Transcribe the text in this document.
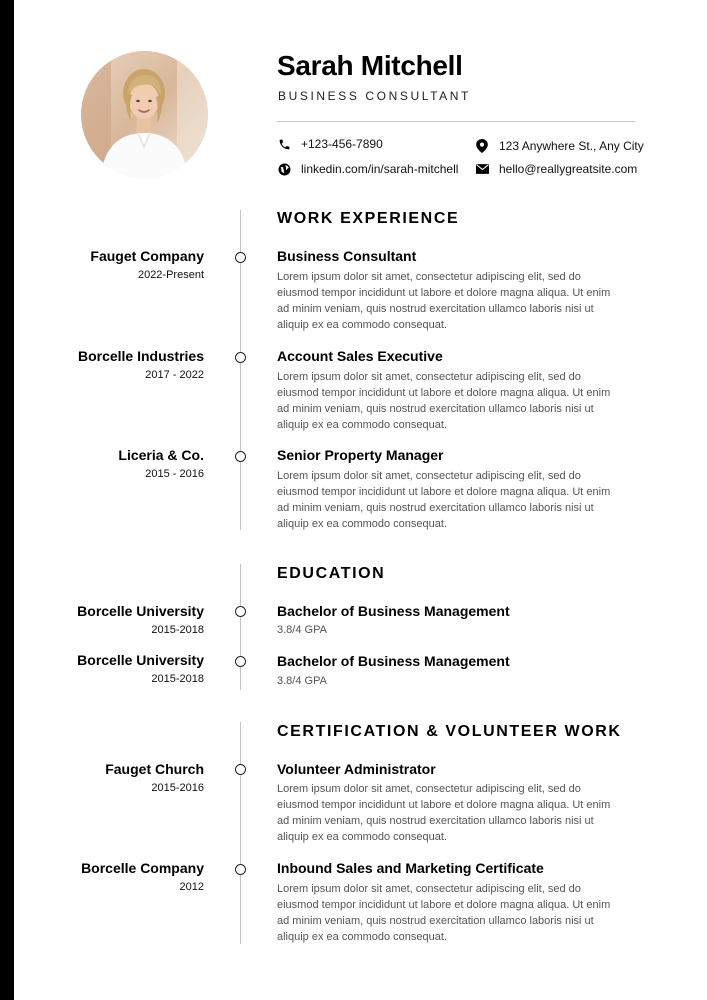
Sarah Mitchell
BUSINESS CONSULTANT
+123-456-7890
linkedin.com/in/sarah-mitchell
123 Anywhere St., Any City
hello@reallygreatsite.com
WORK EXPERIENCE
Fauget Company
2022-Present
Business Consultant
Lorem ipsum dolor sit amet, consectetur adipiscing elit, sed do eiusmod tempor incididunt ut labore et dolore magna aliqua. Ut enim ad minim veniam, quis nostrud exercitation ullamco laboris nisi ut aliquip ex ea commodo consequat.
Borcelle Industries
2017 - 2022
Account Sales Executive
Lorem ipsum dolor sit amet, consectetur adipiscing elit, sed do eiusmod tempor incididunt ut labore et dolore magna aliqua. Ut enim ad minim veniam, quis nostrud exercitation ullamco laboris nisi ut aliquip ex ea commodo consequat.
Liceria & Co.
2015 - 2016
Senior Property Manager
Lorem ipsum dolor sit amet, consectetur adipiscing elit, sed do eiusmod tempor incididunt ut labore et dolore magna aliqua. Ut enim ad minim veniam, quis nostrud exercitation ullamco laboris nisi ut aliquip ex ea commodo consequat.
EDUCATION
Borcelle University
2015-2018
Bachelor of Business Management
3.8/4 GPA
Borcelle University
2015-2018
Bachelor of Business Management
3.8/4 GPA
CERTIFICATION & VOLUNTEER WORK
Fauget Church
2015-2016
Volunteer Administrator
Lorem ipsum dolor sit amet, consectetur adipiscing elit, sed do eiusmod tempor incididunt ut labore et dolore magna aliqua. Ut enim ad minim veniam, quis nostrud exercitation ullamco laboris nisi ut aliquip ex ea commodo consequat.
Borcelle Company
2012
Inbound Sales and Marketing Certificate
Lorem ipsum dolor sit amet, consectetur adipiscing elit, sed do eiusmod tempor incididunt ut labore et dolore magna aliqua. Ut enim ad minim veniam, quis nostrud exercitation ullamco laboris nisi ut aliquip ex ea commodo consequat.
